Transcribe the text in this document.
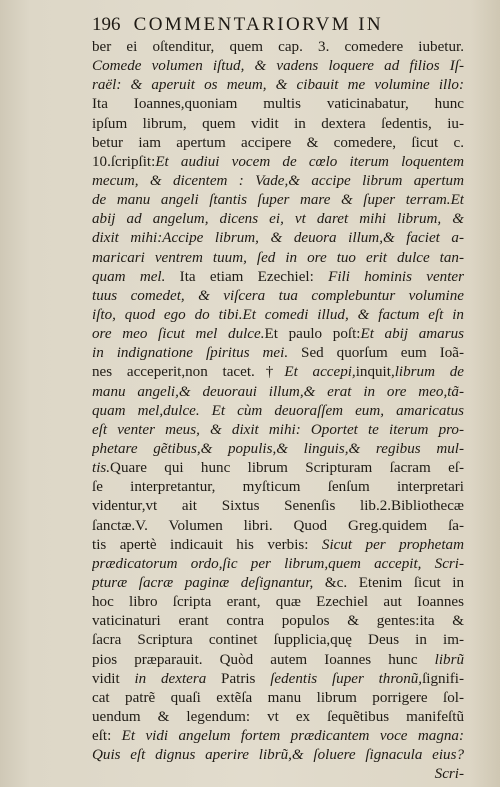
196 COMMENTARIORVM IN
ber ei oſtenditur, quem cap. 3. comedere iubetur.
Comede volumen iſtud, & vadens loquere ad filios Iſ-
raël: & aperuit os meum, & cibauit me volumine illo:
Ita Ioannes,quoniam multis vaticinabatur, hunc
ipſum librum, quem vidit in dextera ſedentis, iu-
betur iam apertum accipere & comedere, ſicut c.
10.ſcripſit:Et audiui vocem de cœlo iterum loquentem
mecum, & dicentem : Vade,& accipe librum apertum
de manu angeli ſtantis ſuper mare & ſuper terram.Et
abij ad angelum, dicens ei, vt daret mihi librum, &
dixit mihi:Accipe librum, & deuora illum,& faciet a-
maricari ventrem tuum, ſed in ore tuo erit dulce tan-
quam mel. Ita etiam Ezechiel: Fili hominis venter
tuus comedet, & viſcera tua complebuntur volumine
iſto, quod ego do tibi.Et comedi illud, & factum eſt in
ore meo ſicut mel dulce.Et paulo poſt:Et abij amarus
in indignatione ſpiritus mei. Sed quorſum eum Ioã-
nes acceperit,non tacet.†Et accepi,inquit,librum de
manu angeli,& deuoraui illum,& erat in ore meo,tã-
quam mel,dulce. Et cùm deuoraſſem eum, amaricatus
eſt venter meus, & dixit mihi: Oportet te iterum pro-
phetare gẽtibus,& populis,& linguis,& regibus mul-
tis.Quare qui hunc librum Scripturam ſacram eſ-
ſe interpretantur, myſticum ſenſum interpretari
videntur,vt ait Sixtus Senenſis lib.2.Bibliothecæ
ſanctæ.V. Volumen libri. Quod Greg.quidem ſa-
tis apertè indicauit his verbis: Sicut per prophetam
prædicatorum ordo,ſic per librum,quem accepit, Scri-
pturæ ſacræ paginæ deſignantur, &c. Etenim ſicut in
hoc libro ſcripta erant, quæ Ezechiel aut Ioannes
vaticinaturi erant contra populos & gentes:ita &
ſacra Scriptura continet ſupplicia,quę Deus in im-
pios præparauit. Quòd autem Ioannes hunc librũ
vidit in dextera Patris ſedentis ſuper thronũ,ſignifi-
cat patrẽ quaſi extẽſa manu librum porrigere ſol-
uendum & legendum: vt ex ſequẽtibus manifeſtũ
eſt: Et vidi angelum fortem prædicantem voce magna:
Quis eſt dignus aperire librũ,& ſoluere ſignacula eius?
Scri-
